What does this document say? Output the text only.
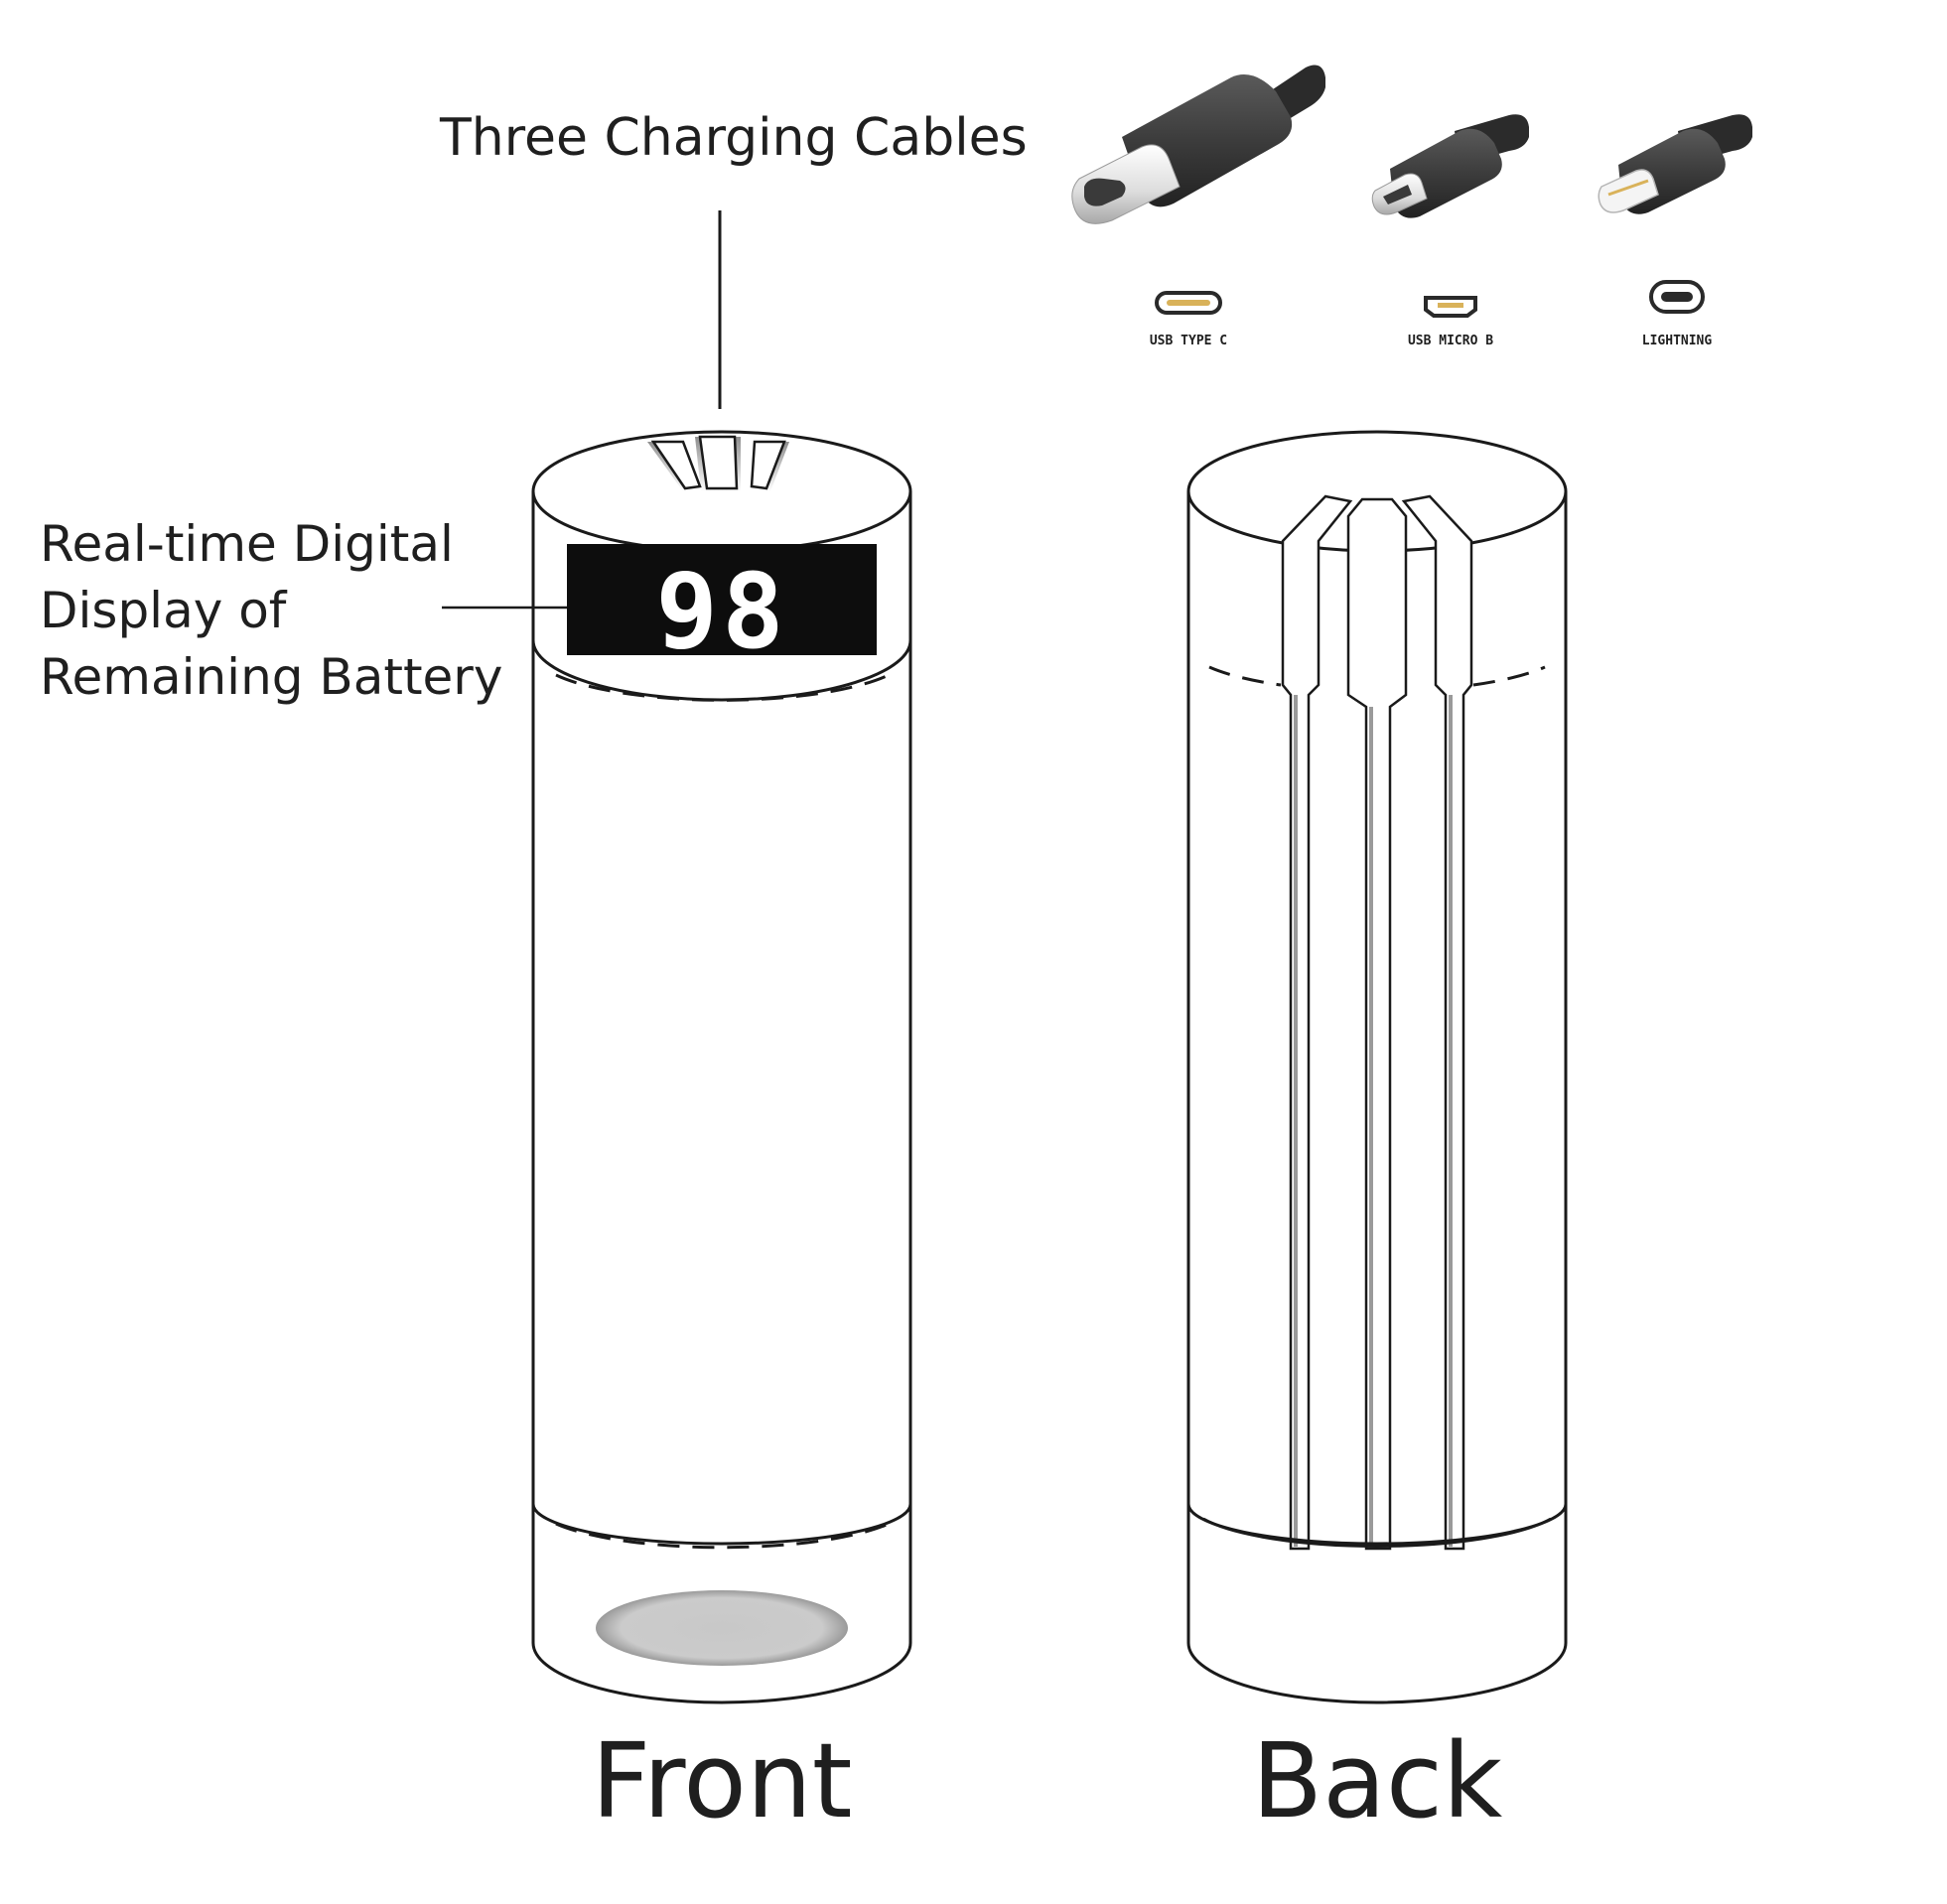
Three Charging Cables
Real-time Digital
Display of
Remaining Battery
USB TYPE C	USB MICRO B	LIGHTNING
98
Front	Back
